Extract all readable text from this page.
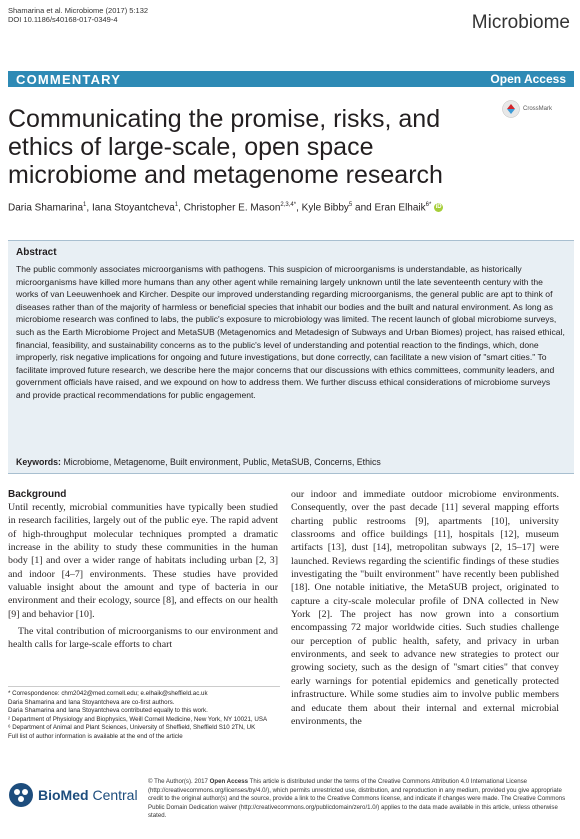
Shamarina et al. Microbiome (2017) 5:132
DOI 10.1186/s40168-017-0349-4	Microbiome
COMMENTARY	Open Access
Communicating the promise, risks, and ethics of large-scale, open space microbiome and metagenome research
CrossMark
Daria Shamarina$^1$, Iana Stoyantcheva$^1$, Christopher E. Mason$^{2,3,4*}$, Kyle Bibby$^5$ and Eran Elhaik$^{6*}$ iD
Abstract

The public commonly associates microorganisms with pathogens. This suspicion of microorganisms is understandable, as historically microorganisms have killed more humans than any other agent while remaining largely unknown until the late seventeenth century with the works of van Leeuwenhoek and Kircher. Despite our improved understanding regarding microorganisms, the general public are apt to think of diseases rather than of the majority of harmless or beneficial species that inhabit our bodies and the built and natural environment. As long as microbiome research was confined to labs, the public's exposure to microbiology was limited. The recent launch of global microbiome surveys, such as the Earth Microbiome Project and MetaSUB (Metagenomics and Metadesign of Subways and Urban Biomes) project, has raised ethical, financial, feasibility, and sustainability concerns as to the public's level of understanding and potential reaction to the findings, which, done improperly, risk negative implications for ongoing and future investigations, but done correctly, can facilitate a new vision of "smart cities." To facilitate improved future research, we describe here the major concerns that our discussions with ethics committees, community leaders, and government officials have raised, and we expound on how to address them. We further discuss ethical considerations of microbiome surveys and provide practical recommendations for public engagement.

Keywords: Microbiome, Metagenome, Built environment, Public, MetaSUB, Concerns, Ethics
Background

Until recently, microbial communities have typically been studied in research facilities, largely out of the public eye. The rapid advent of high-throughput molecular techniques prompted a dramatic increase in the ability to study these communities in the human body [1] and over a wider range of habitats including urban [2, 3] and indoor [4–7] environments. These studies have provided valuable insight about the amount and type of bacteria in our environment and their ecology, source [8], and effects on our health [9] and behavior [10].

The vital contribution of microorganisms to our environment and health calls for large-scale efforts to chart

our indoor and immediate outdoor microbiome environments. Consequently, over the past decade [11] several mapping efforts charting public restrooms [9], apartments [10], university classrooms and office buildings [11], hospitals [12], museum artifacts [13], dust [14], metropolitan subways [2, 15–17] were launched. Reviews regarding the scientific findings of these studies investigating the "built environment" have recently been published [18]. One notable initiative, the MetaSUB project, originated to capture a city-scale molecular profile of DNA collected in New York [2]. The project has now grown into a consortium encompassing 72 major worldwide cities. Such studies challenge our perception of public health, safety, and privacy in urban environments, and seek to advance new strategies to protect our growing society, such as the design of "smart cities" that convey early warnings for potential epidemics and genetically protected infrastructure. While some studies aim to involve public members and educate them about their internal and external microbial environments, the

* Correspondence: chm2042@med.cornell.edu; e.elhaik@sheffield.ac.uk
Daria Shamarina and Iana Stoyantcheva are co-first authors.
Daria Shamarina and Iana Stoyantcheva contributed equally to this work.
² Department of Physiology and Biophysics, Weill Cornell Medicine, New York, NY 10021, USA
⁶ Department of Animal and Plant Sciences, University of Sheffield, Sheffield S10 2TN, UK
Full list of author information is available at the end of the article
BioMed Central
© The Author(s). 2017 Open Access This article is distributed under the terms of the Creative Commons Attribution 4.0 International License (http://creativecommons.org/licenses/by/4.0/), which permits unrestricted use, distribution, and reproduction in any medium, provided you give appropriate credit to the original author(s) and the source, provide a link to the Creative Commons license, and indicate if changes were made. The Creative Commons Public Domain Dedication waiver (http://creativecommons.org/publicdomain/zero/1.0/) applies to the data made available in this article, unless otherwise stated.
